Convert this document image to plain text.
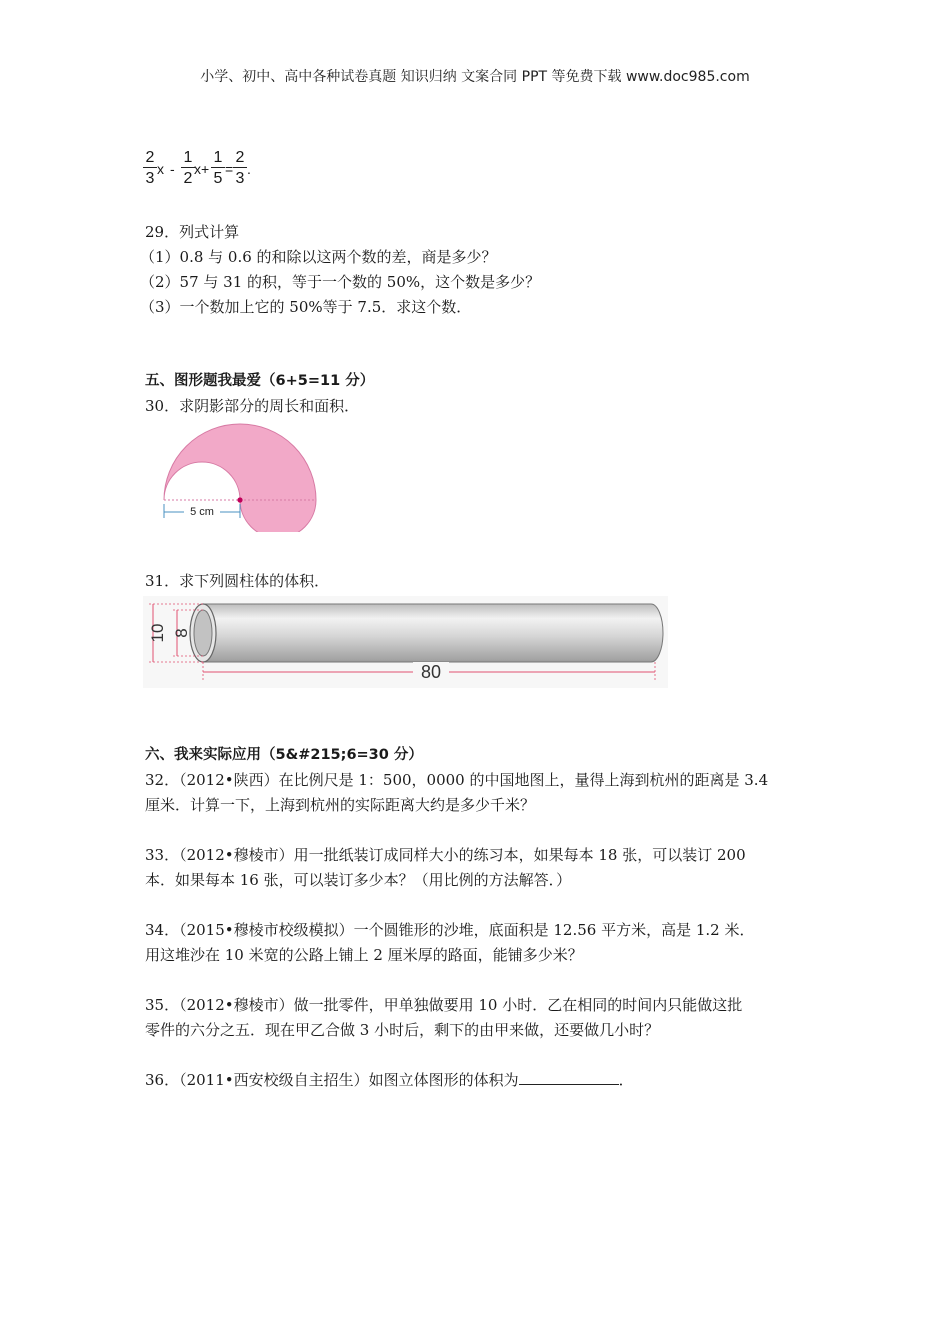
小学、初中、高中各种试卷真题 知识归纳 文案合同 PPT 等免费下载 www.doc985.com
2
3
x -
1
2
x+
1
5
=
2
3
.
29．列式计算
（1）0.8 与 0.6 的和除以这两个数的差，商是多少？
（2）57 与 31 的积，等于一个数的 50%，这个数是多少？
（3）一个数加上它的 50%等于 7.5．求这个数．
五、图形题我最爱（6+5=11 分）
30．求阴影部分的周长和面积．
5 cm
31．求下列圆柱体的体积．
10 8
80
六、我来实际应用（5&#215;6=30 分）
32．（2012•陕西）在比例尺是 1：500，0000 的中国地图上，量得上海到杭州的距离是 3.4
厘米．计算一下，上海到杭州的实际距离大约是多少千米？
33．（2012•穆棱市）用一批纸装订成同样大小的练习本，如果每本 18 张，可以装订 200
本．如果每本 16 张，可以装订多少本？（用比例的方法解答．）
34．（2015•穆棱市校级模拟）一个圆锥形的沙堆，底面积是 12.56 平方米，高是 1.2 米．
用这堆沙在 10 米宽的公路上铺上 2 厘米厚的路面，能铺多少米？
35．（2012•穆棱市）做一批零件，甲单独做要用 10 小时．乙在相同的时间内只能做这批
零件的六分之五．现在甲乙合做 3 小时后，剩下的由甲来做，还要做几小时？
36．（2011•西安校级自主招生）如图立体图形的体积为	．
